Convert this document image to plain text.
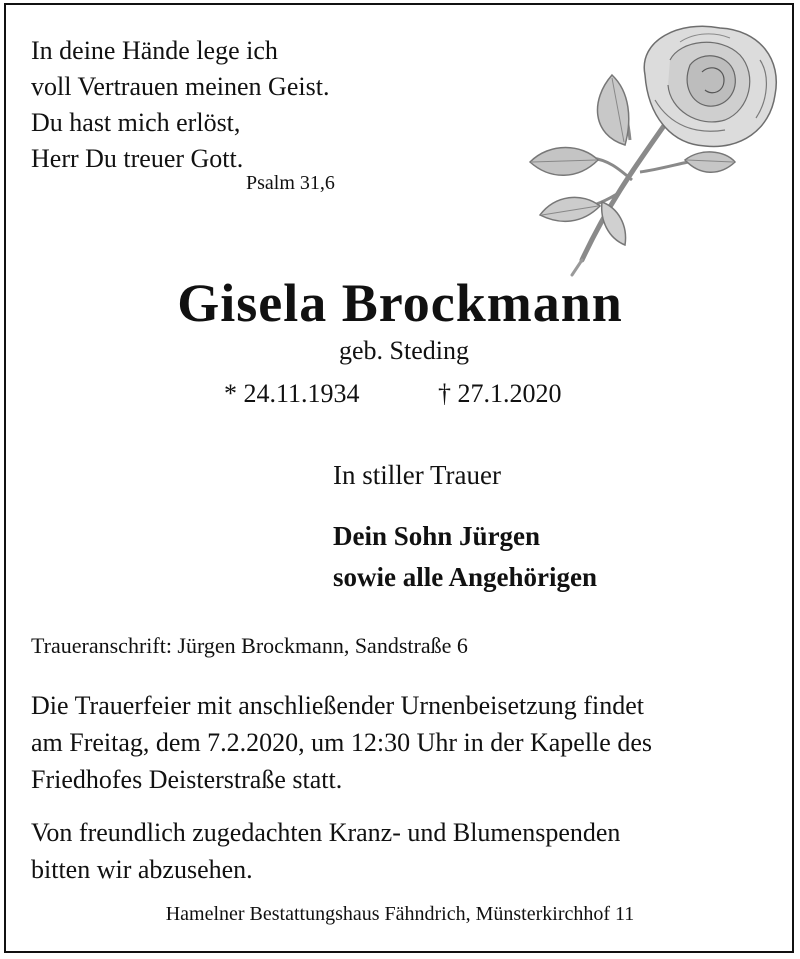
In deine Hände lege ich
voll Vertrauen meinen Geist.
Du hast mich erlöst,
Herr Du treuer Gott.
Psalm 31,6
Gisela Brockmann
geb. Steding
* 24.11.1934	† 27.1.2020
In stiller Trauer
Dein Sohn Jürgen
sowie alle Angehörigen
Traueranschrift: Jürgen Brockmann, Sandstraße 6
Die Trauerfeier mit anschließender Urnenbeisetzung findet
am Freitag, dem 7.2.2020, um 12:30 Uhr in der Kapelle des
Friedhofes Deisterstraße statt.
Von freundlich zugedachten Kranz- und Blumenspenden
bitten wir abzusehen.
Hamelner Bestattungshaus Fähndrich, Münsterkirchhof 11
